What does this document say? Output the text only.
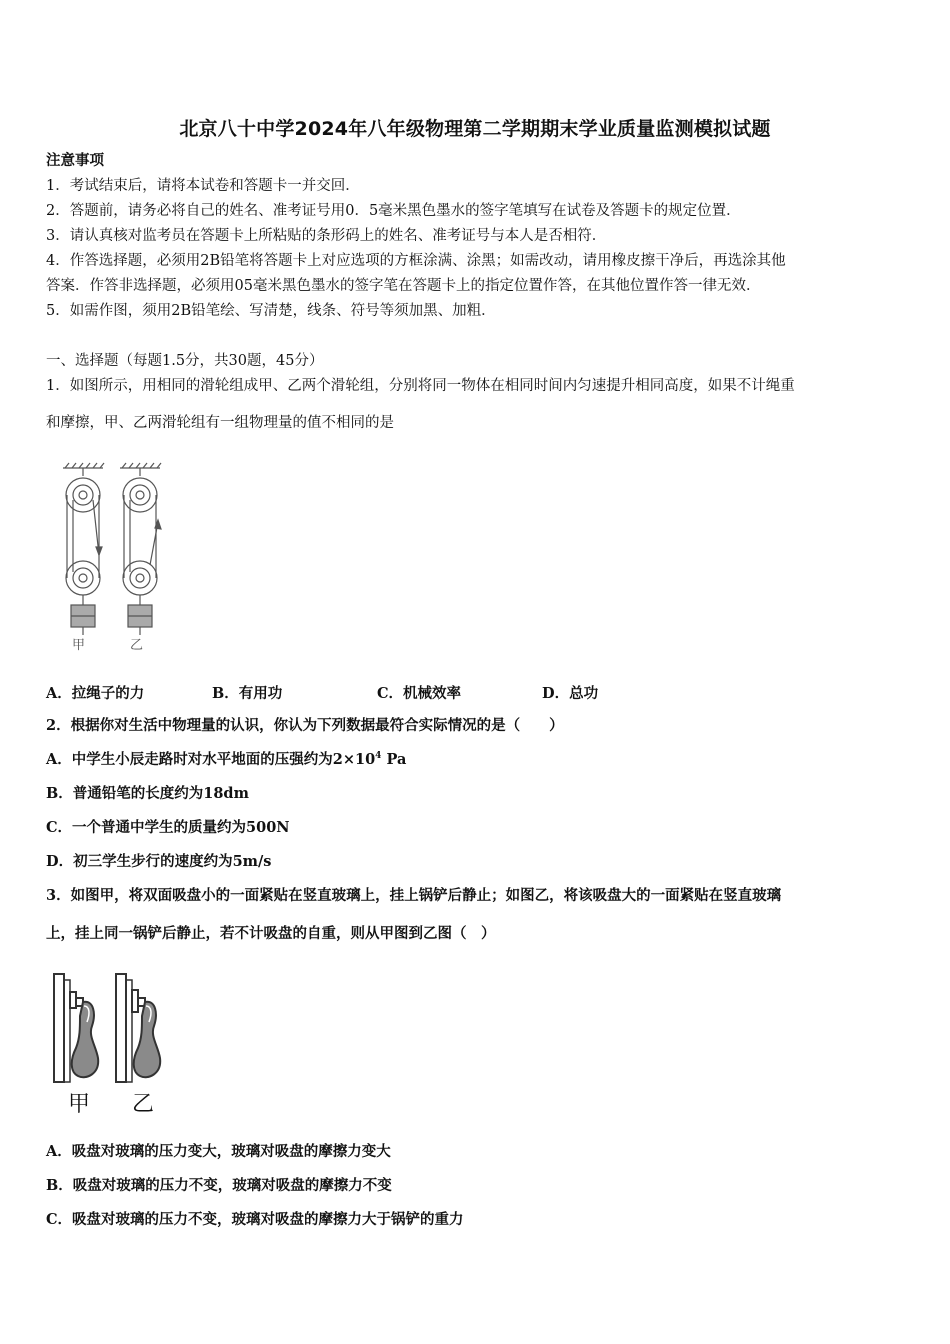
北京八十中学2024年八年级物理第二学期期末学业质量监测模拟试题
注意事项
1．考试结束后，请将本试卷和答题卡一并交回．
2．答题前，请务必将自己的姓名、准考证号用0．5毫米黑色墨水的签字笔填写在试卷及答题卡的规定位置．
3．请认真核对监考员在答题卡上所粘贴的条形码上的姓名、准考证号与本人是否相符．
4．作答选择题，必须用2B铅笔将答题卡上对应选项的方框涂满、涂黑；如需改动，请用橡皮擦干净后，再选涂其他
答案．作答非选择题，必须用05毫米黑色墨水的签字笔在答题卡上的指定位置作答，在其他位置作答一律无效．
5．如需作图，须用2B铅笔绘、写清楚，线条、符号等须加黑、加粗．
一、选择题（每题1.5分，共30题，45分）
1．如图所示，用相同的滑轮组成甲、乙两个滑轮组，分别将同一物体在相同时间内匀速提升相同高度，如果不计绳重
和摩擦，甲、乙两滑轮组有一组物理量的值不相同的是
甲	乙
A．拉绳子的力	B．有用功	C．机械效率	D．总功
2．根据你对生活中物理量的认识，你认为下列数据最符合实际情况的是（　　）
A．中学生小辰走路时对水平地面的压强约为$2\times 10^4$ Pa
B．普通铅笔的长度约为18dm
C．一个普通中学生的质量约为500N
D．初三学生步行的速度约为5m/s
3．如图甲，将双面吸盘小的一面紧贴在竖直玻璃上，挂上锅铲后静止；如图乙，将该吸盘大的一面紧贴在竖直玻璃
上，挂上同一锅铲后静止，若不计吸盘的自重，则从甲图到乙图（　）
甲 乙
A．吸盘对玻璃的压力变大，玻璃对吸盘的摩擦力变大
B．吸盘对玻璃的压力不变，玻璃对吸盘的摩擦力不变
C．吸盘对玻璃的压力不变，玻璃对吸盘的摩擦力大于锅铲的重力
